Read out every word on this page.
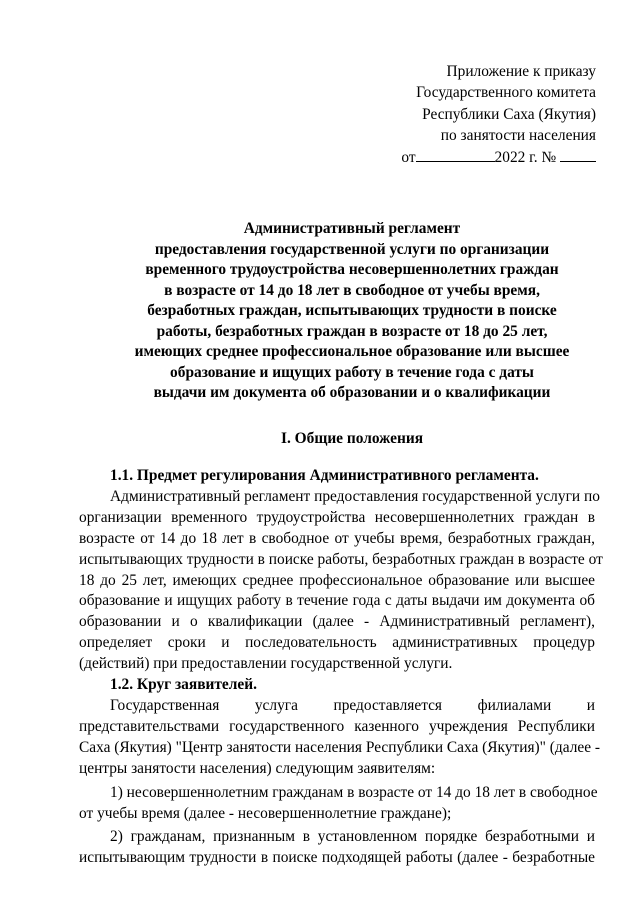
Приложение к приказу
Государственного комитета
Республики Саха (Якутия)
по занятости населения
от	2022 г. №
Административный регламент
предоставления государственной услуги по организации
временного трудоустройства несовершеннолетних граждан
в возрасте от 14 до 18 лет в свободное от учебы время,
безработных граждан, испытывающих трудности в поиске
работы, безработных граждан в возрасте от 18 до 25 лет,
имеющих среднее профессиональное образование или высшее
образование и ищущих работу в течение года с даты
выдачи им документа об образовании и о квалификации
I. Общие положения
1.1. Предмет регулирования Административного регламента.
Административный регламент предоставления государственной услуги по
организации временного трудоустройства несовершеннолетних граждан в
возрасте от 14 до 18 лет в свободное от учебы время, безработных граждан,
испытывающих трудности в поиске работы, безработных граждан в возрасте от
18 до 25 лет, имеющих среднее профессиональное образование или высшее
образование и ищущих работу в течение года с даты выдачи им документа об
образовании и о квалификации (далее - Административный регламент),
определяет сроки и последовательность административных процедур
(действий) при предоставлении государственной услуги.
1.2. Круг заявителей.
Государственная услуга предоставляется филиалами и
представительствами государственного казенного учреждения Республики
Саха (Якутия) "Центр занятости населения Республики Саха (Якутия)" (далее -
центры занятости населения) следующим заявителям:
1) несовершеннолетним гражданам в возрасте от 14 до 18 лет в свободное
от учебы время (далее - несовершеннолетние граждане);
2) гражданам, признанным в установленном порядке безработными и
испытывающим трудности в поиске подходящей работы (далее - безработные
